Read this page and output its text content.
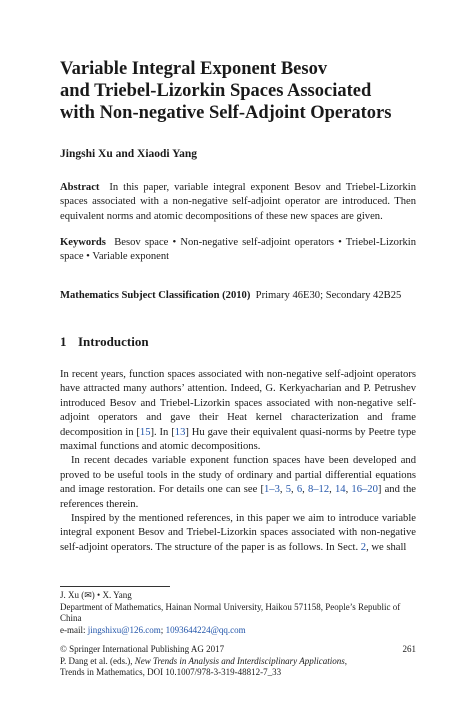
Variable Integral Exponent Besov
and Triebel-Lizorkin Spaces Associated
with Non-negative Self-Adjoint Operators
Jingshi Xu and Xiaodi Yang

Abstract In this paper, variable integral exponent Besov and Triebel-Lizorkin spaces associated with a non-negative self-adjoint operator are introduced. Then equivalent norms and atomic decompositions of these new spaces are given.

Keywords Besov space • Non-negative self-adjoint operators • Triebel-Lizorkin space • Variable exponent

Mathematics Subject Classification (2010) Primary 46E30; Secondary 42B25

1 Introduction

In recent years, function spaces associated with non-negative self-adjoint operators have attracted many authors’ attention. Indeed, G. Kerkyacharian and P. Petrushev introduced Besov and Triebel-Lizorkin spaces associated with non-negative self-adjoint operators and gave their Heat kernel characterization and frame decomposition in [15]. In [13] Hu gave their equivalent quasi-norms by Peetre type maximal functions and atomic decompositions.

In recent decades variable exponent function spaces have been developed and proved to be useful tools in the study of ordinary and partial differential equations and image restoration. For details one can see [1–3, 5, 6, 8–12, 14, 16–20] and the references therein.

Inspired by the mentioned references, in this paper we aim to introduce variable integral exponent Besov and Triebel-Lizorkin spaces associated with non-negative self-adjoint operators. The structure of the paper is as follows. In Sect. 2, we shall

J. Xu (✉) • X. Yang
Department of Mathematics, Hainan Normal University, Haikou 571158, People’s Republic of China
e-mail: jingshixu@126.com; 1093644224@qq.com
© Springer International Publishing AG 2017	261
P. Dang et al. (eds.), New Trends in Analysis and Interdisciplinary Applications,
Trends in Mathematics, DOI 10.1007/978-3-319-48812-7_33
